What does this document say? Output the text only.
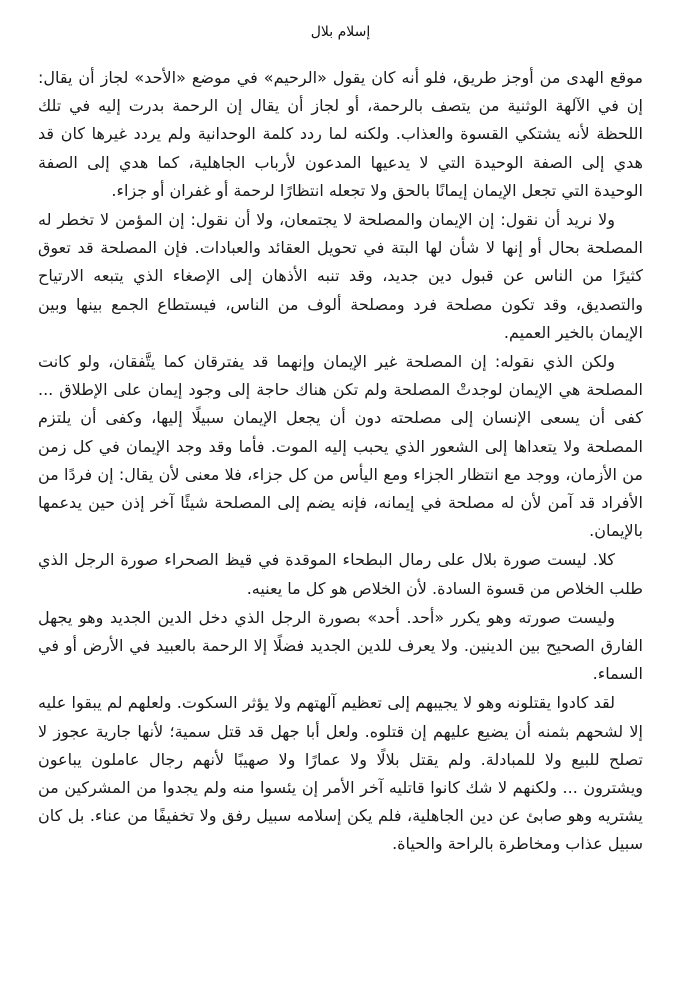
إسلام بلال

موقع الهدى من أوجز طريق، فلو أنه كان يقول «الرحيم» في موضع «الأحد» لجاز أن يقال: إن في الآلهة الوثنية من يتصف بالرحمة، أو لجاز أن يقال إن الرحمة بدرت إليه في تلك اللحظة لأنه يشتكي القسوة والعذاب. ولكنه لما ردد كلمة الوحدانية ولم يردد غيرها كان قد هدي إلى الصفة الوحيدة التي لا يدعيها المدعون لأرباب الجاهلية، كما هدي إلى الصفة الوحيدة التي تجعل الإيمان إيمانًا بالحق ولا تجعله انتظارًا لرحمة أو غفران أو جزاء.

ولا نريد أن نقول: إن الإيمان والمصلحة لا يجتمعان، ولا أن نقول: إن المؤمن لا تخطر له المصلحة بحال أو إنها لا شأن لها البتة في تحويل العقائد والعبادات. فإن المصلحة قد تعوق كثيرًا من الناس عن قبول دين جديد، وقد تنبه الأذهان إلى الإصغاء الذي يتبعه الارتياح والتصديق، وقد تكون مصلحة فرد ومصلحة ألوف من الناس، فيستطاع الجمع بينها وبين الإيمان بالخير العميم.

ولكن الذي نقوله: إن المصلحة غير الإيمان وإنهما قد يفترقان كما يتَّفقان، ولو كانت المصلحة هي الإيمان لوجدتْ المصلحة ولم تكن هناك حاجة إلى وجود إيمان على الإطلاق ... كفى أن يسعى الإنسان إلى مصلحته دون أن يجعل الإيمان سبيلًا إليها، وكفى أن يلتزم المصلحة ولا يتعداها إلى الشعور الذي يحبب إليه الموت. فأما وقد وجد الإيمان في كل زمن من الأزمان، ووجد مع انتظار الجزاء ومع اليأس من كل جزاء، فلا معنى لأن يقال: إن فردًا من الأفراد قد آمن لأن له مصلحة في إيمانه، فإنه يضم إلى المصلحة شيئًا آخر إذن حين يدعمها بالإيمان.

كلا. ليست صورة بلال على رمال البطحاء الموقدة في قيظ الصحراء صورة الرجل الذي طلب الخلاص من قسوة السادة. لأن الخلاص هو كل ما يعنيه.

وليست صورته وهو يكرر «أحد. أحد» بصورة الرجل الذي دخل الدين الجديد وهو يجهل الفارق الصحيح بين الدينين. ولا يعرف للدين الجديد فضلًا إلا الرحمة بالعبيد في الأرض أو في السماء.

لقد كادوا يقتلونه وهو لا يجيبهم إلى تعظيم آلهتهم ولا يؤثر السكوت. ولعلهم لم يبقوا عليه إلا لشحهم بثمنه أن يضيع عليهم إن قتلوه. ولعل أبا جهل قد قتل سمية؛ لأنها جارية عجوز لا تصلح للبيع ولا للمبادلة. ولم يقتل بلالًا ولا عمارًا ولا صهيبًا لأنهم رجال عاملون يباعون ويشترون ... ولكنهم لا شك كانوا قاتليه آخر الأمر إن يئسوا منه ولم يجدوا من المشركين من يشتريه وهو صابئ عن دين الجاهلية، فلم يكن إسلامه سبيل رفق ولا تخفيفًا من عناء. بل كان سبيل عذاب ومخاطرة بالراحة والحياة.
